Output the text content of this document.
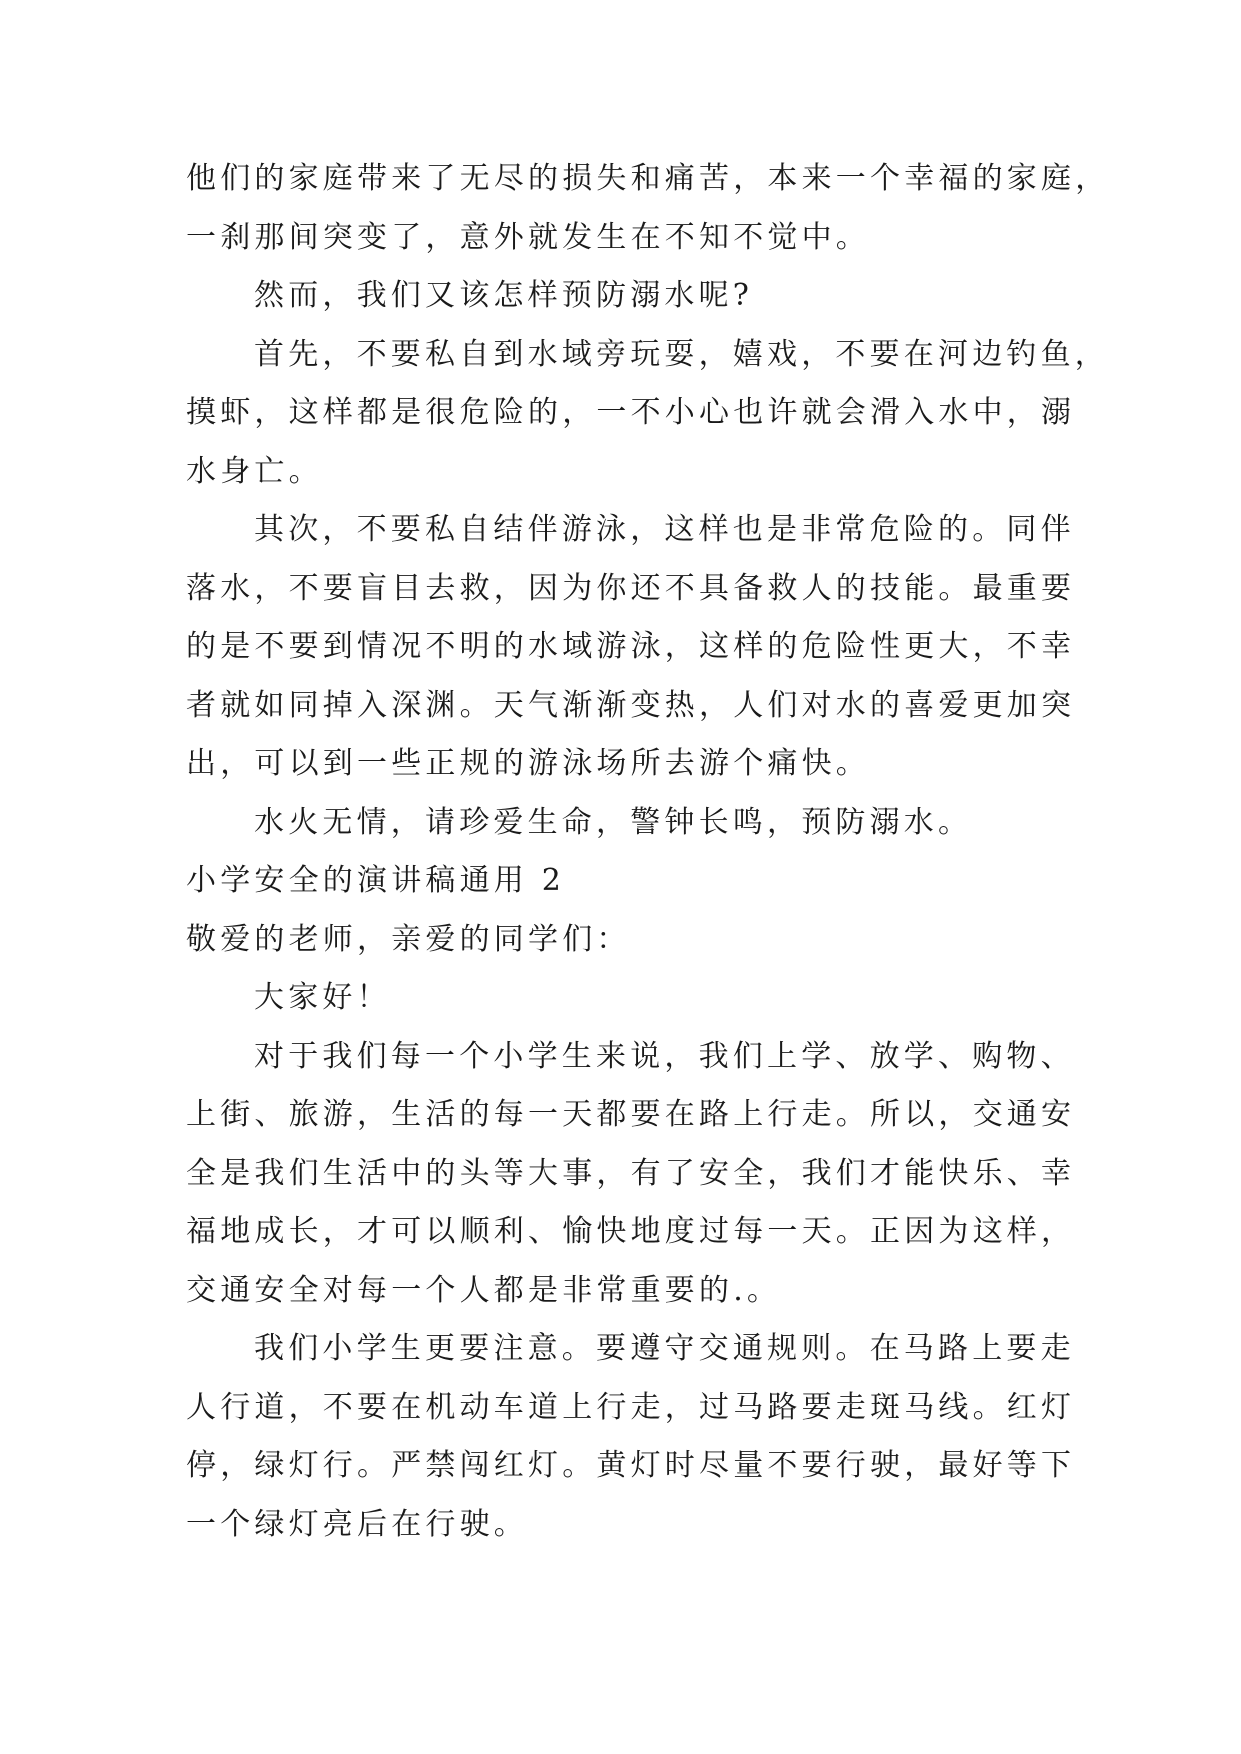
他们的家庭带来了无尽的损失和痛苦，本来一个幸福的家庭，
一刹那间突变了，意外就发生在不知不觉中。
然而，我们又该怎样预防溺水呢?
首先，不要私自到水域旁玩耍，嬉戏，不要在河边钓鱼，
摸虾，这样都是很危险的，一不小心也许就会滑入水中，溺
水身亡。
其次，不要私自结伴游泳，这样也是非常危险的。同伴
落水，不要盲目去救，因为你还不具备救人的技能。最重要
的是不要到情况不明的水域游泳，这样的危险性更大，不幸
者就如同掉入深渊。天气渐渐变热，人们对水的喜爱更加突
出，可以到一些正规的游泳场所去游个痛快。
水火无情，请珍爱生命，警钟长鸣，预防溺水。
小学安全的演讲稿通用 2
敬爱的老师，亲爱的同学们：
大家好！
对于我们每一个小学生来说，我们上学、放学、购物、
上街、旅游，生活的每一天都要在路上行走。所以，交通安
全是我们生活中的头等大事，有了安全，我们才能快乐、幸
福地成长，才可以顺利、愉快地度过每一天。正因为这样，
交通安全对每一个人都是非常重要的.。
我们小学生更要注意。要遵守交通规则。在马路上要走
人行道，不要在机动车道上行走，过马路要走斑马线。红灯
停，绿灯行。严禁闯红灯。黄灯时尽量不要行驶，最好等下
一个绿灯亮后在行驶。
